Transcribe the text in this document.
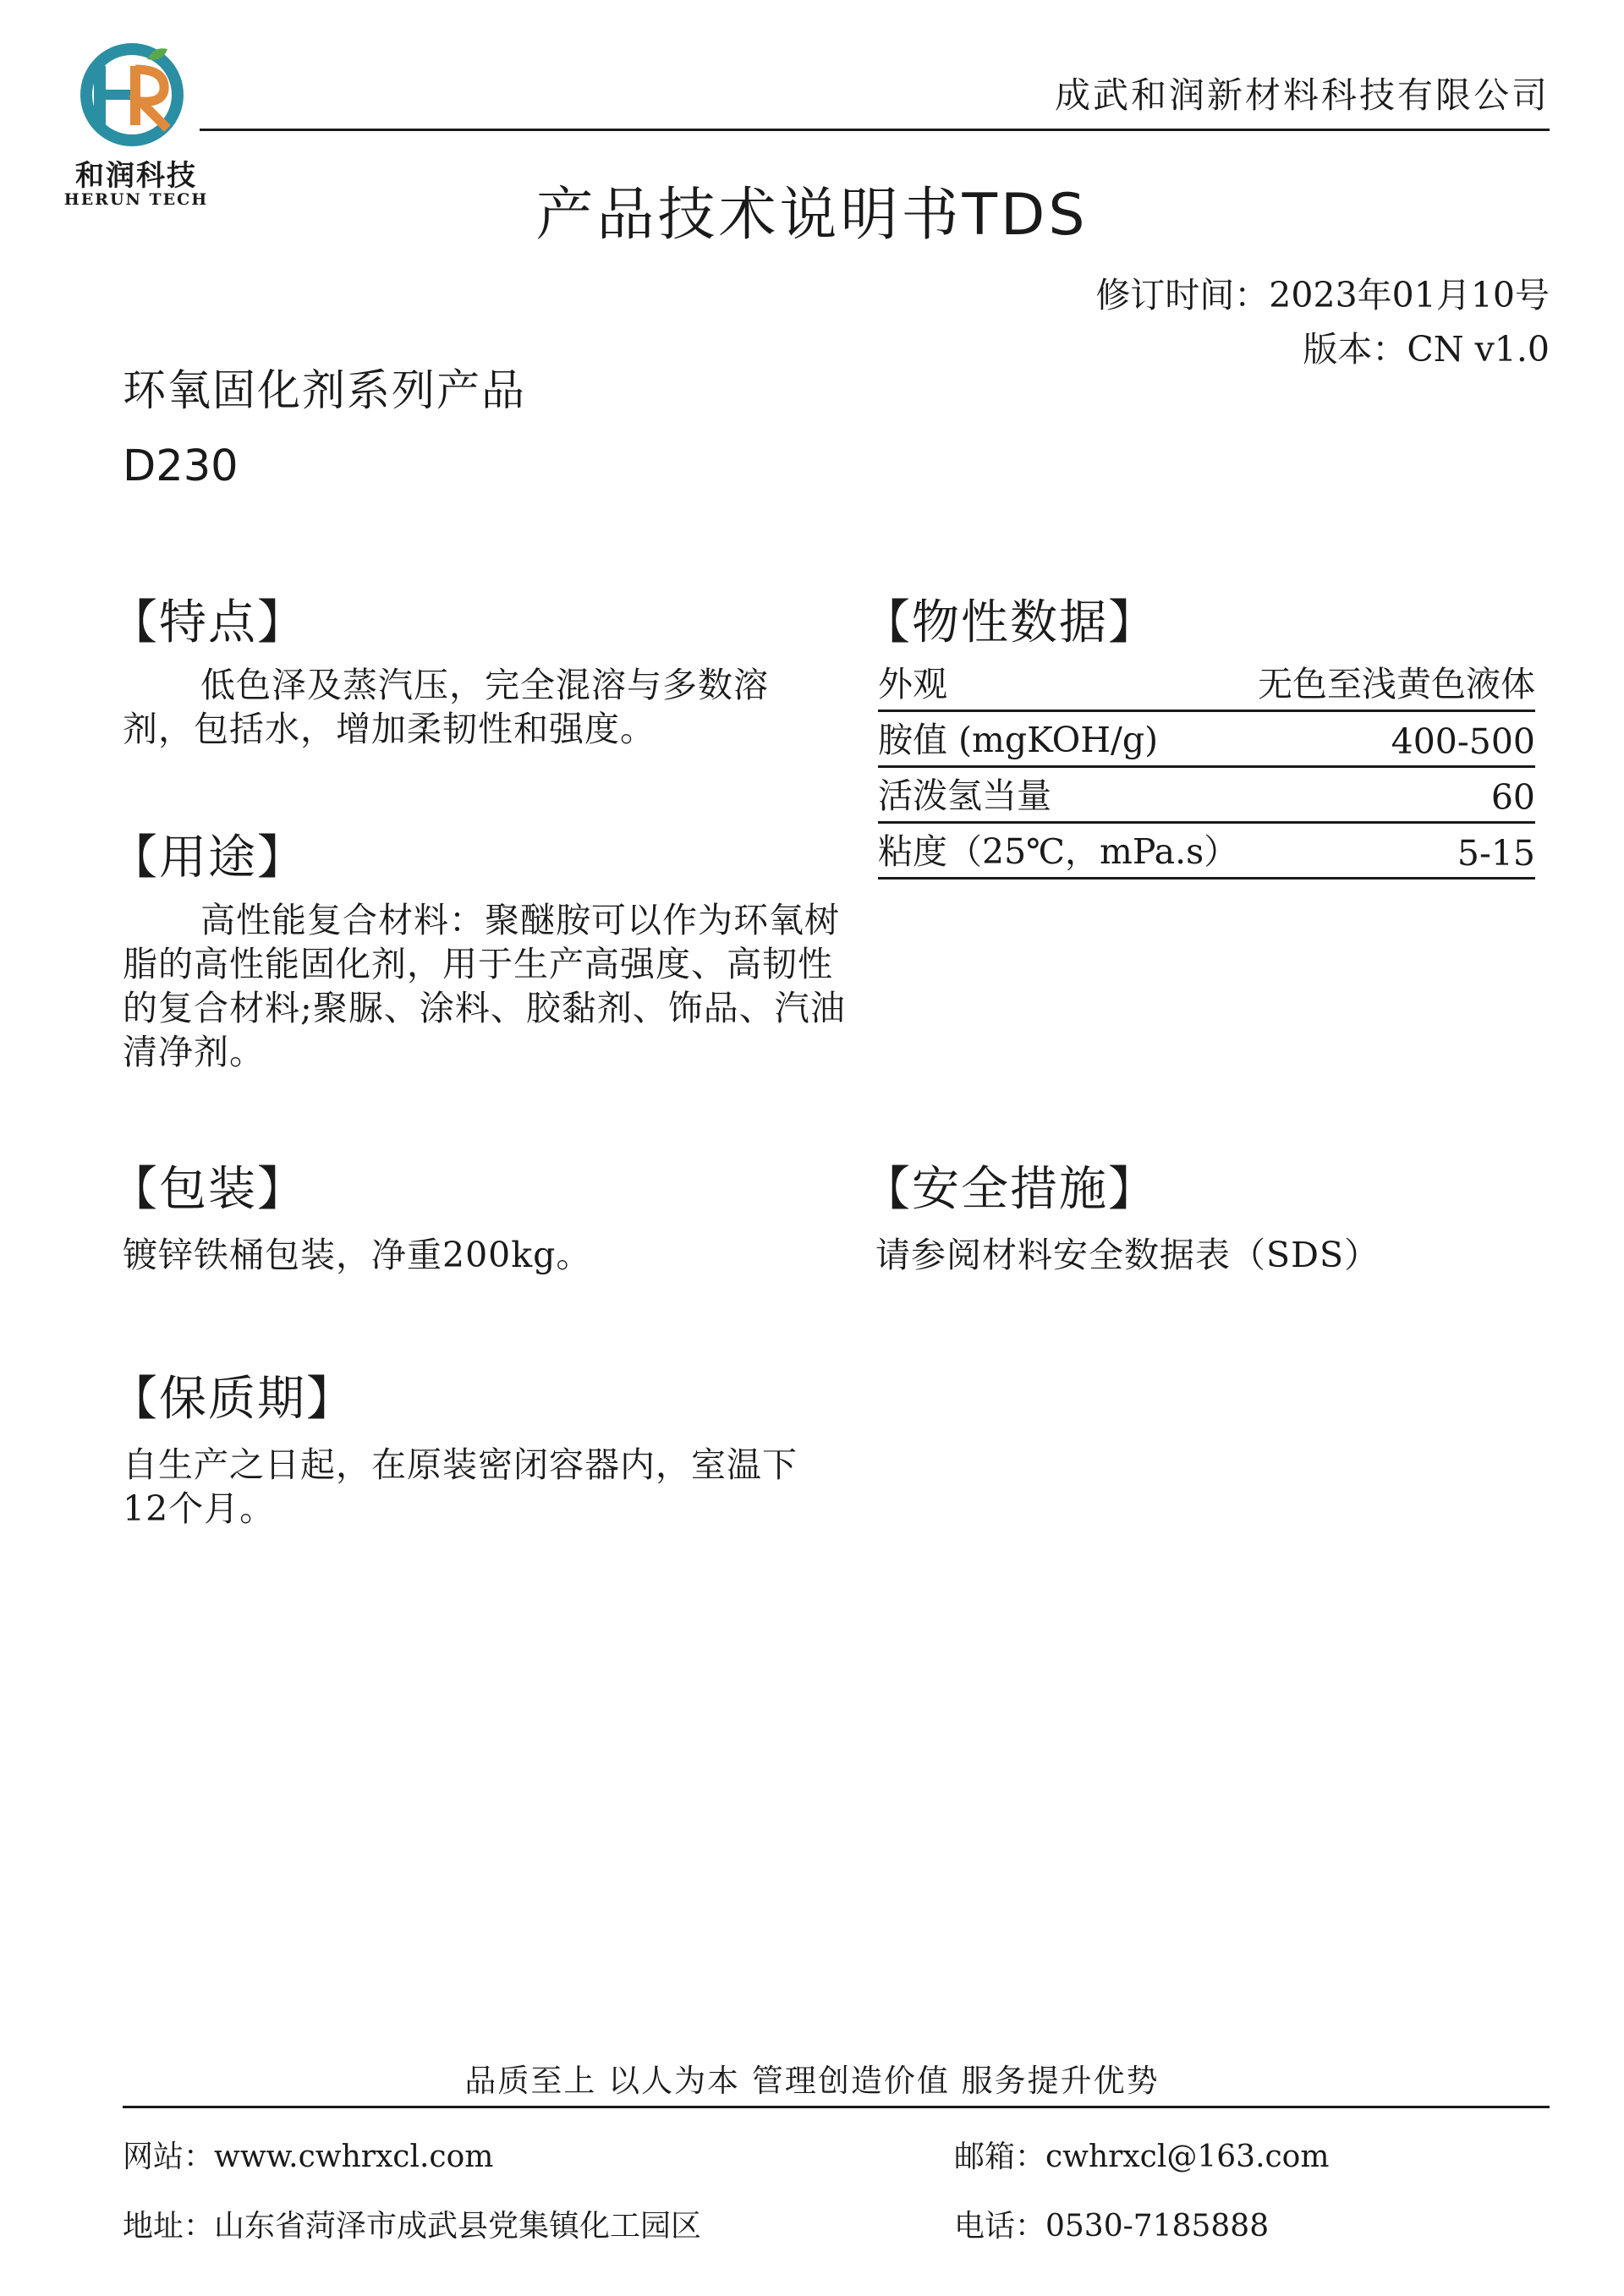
和润科技
HERUN TECH
成武和润新材料科技有限公司
产品技术说明书TDS
修订时间：2023年01月10号
版本：CN v1.0
环氧固化剂系列产品
D230
【特点】
低色泽及蒸汽压，完全混溶与多数溶剂，包括水，增加柔韧性和强度。
【用途】
高性能复合材料：聚醚胺可以作为环氧树脂的高性能固化剂，用于生产高强度、高韧性的复合材料;聚脲、涂料、胶黏剂、饰品、汽油清净剂。
【包装】
镀锌铁桶包装，净重200kg。
【保质期】
自生产之日起，在原装密闭容器内，室温下12个月。
【物性数据】
外观	无色至浅黄色液体
胺值 (mgKOH/g)	400-500
活泼氢当量	60
粘度（25℃，mPa.s）	5-15
【安全措施】
请参阅材料安全数据表（SDS）
品质至上 以人为本 管理创造价值 服务提升优势
网站：www.cwhrxcl.com	邮箱：cwhrxcl@163.com
地址：山东省菏泽市成武县党集镇化工园区	电话：0530-7185888
